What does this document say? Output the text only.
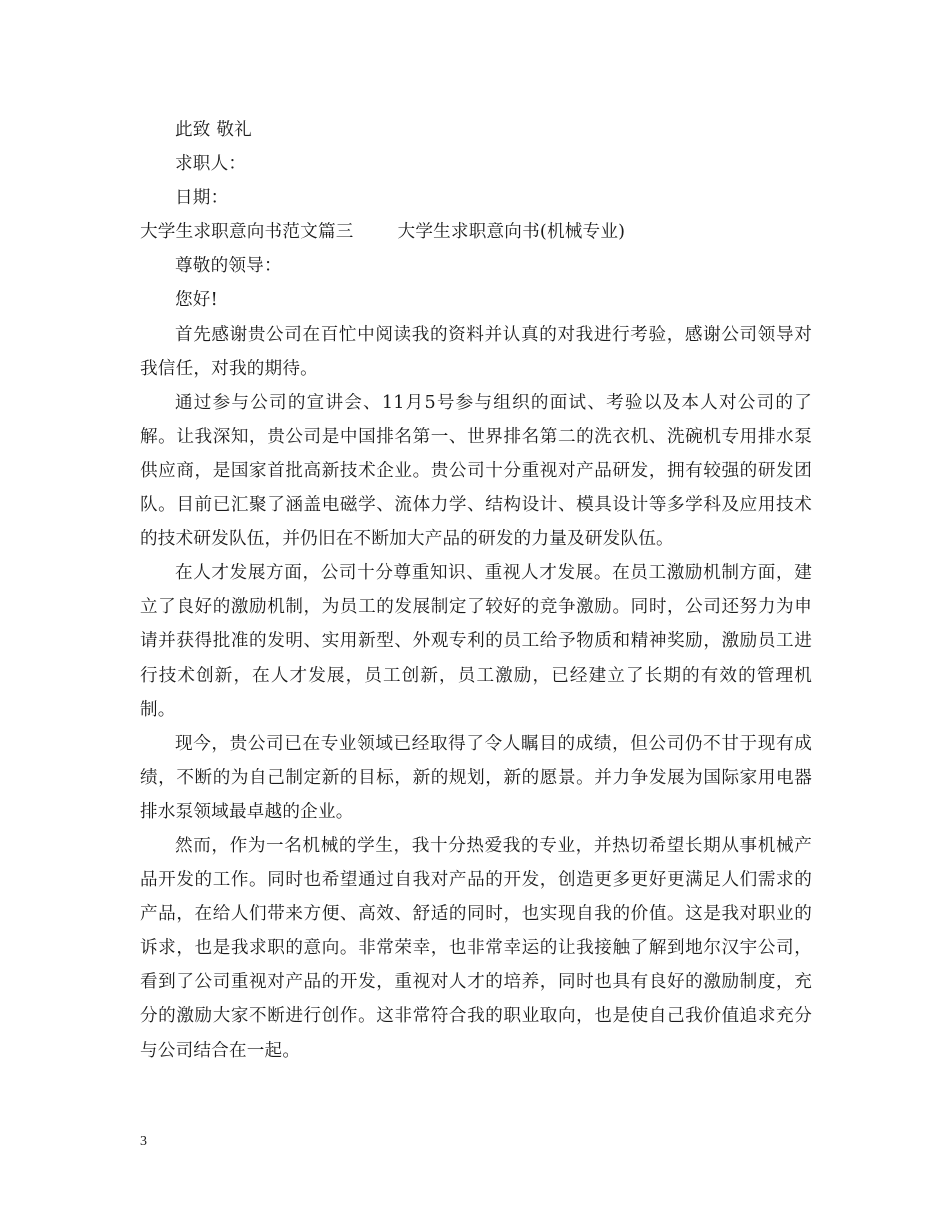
此致 敬礼
求职人：
日期：
大学生求职意向书范文篇三	大学生求职意向书(机械专业)
尊敬的领导：
您好!
首先感谢贵公司在百忙中阅读我的资料并认真的对我进行考验，感谢公司领导对我信任，对我的期待。
通过参与公司的宣讲会、11月5号参与组织的面试、考验以及本人对公司的了解。让我深知，贵公司是中国排名第一、世界排名第二的洗衣机、洗碗机专用排水泵供应商，是国家首批高新技术企业。贵公司十分重视对产品研发，拥有较强的研发团队。目前已汇聚了涵盖电磁学、流体力学、结构设计、模具设计等多学科及应用技术的技术研发队伍，并仍旧在不断加大产品的研发的力量及研发队伍。
在人才发展方面，公司十分尊重知识、重视人才发展。在员工激励机制方面，建立了良好的激励机制，为员工的发展制定了较好的竞争激励。同时，公司还努力为申请并获得批准的发明、实用新型、外观专利的员工给予物质和精神奖励，激励员工进行技术创新，在人才发展，员工创新，员工激励，已经建立了长期的有效的管理机制。
现今，贵公司已在专业领域已经取得了令人瞩目的成绩，但公司仍不甘于现有成绩，不断的为自己制定新的目标，新的规划，新的愿景。并力争发展为国际家用电器排水泵领域最卓越的企业。
然而，作为一名机械的学生，我十分热爱我的专业，并热切希望长期从事机械产品开发的工作。同时也希望通过自我对产品的开发，创造更多更好更满足人们需求的产品，在给人们带来方便、高效、舒适的同时，也实现自我的价值。这是我对职业的诉求，也是我求职的意向。非常荣幸，也非常幸运的让我接触了解到地尔汉宇公司，看到了公司重视对产品的开发，重视对人才的培养，同时也具有良好的激励制度，充分的激励大家不断进行创作。这非常符合我的职业取向，也是使自己我价值追求充分与公司结合在一起。
3
